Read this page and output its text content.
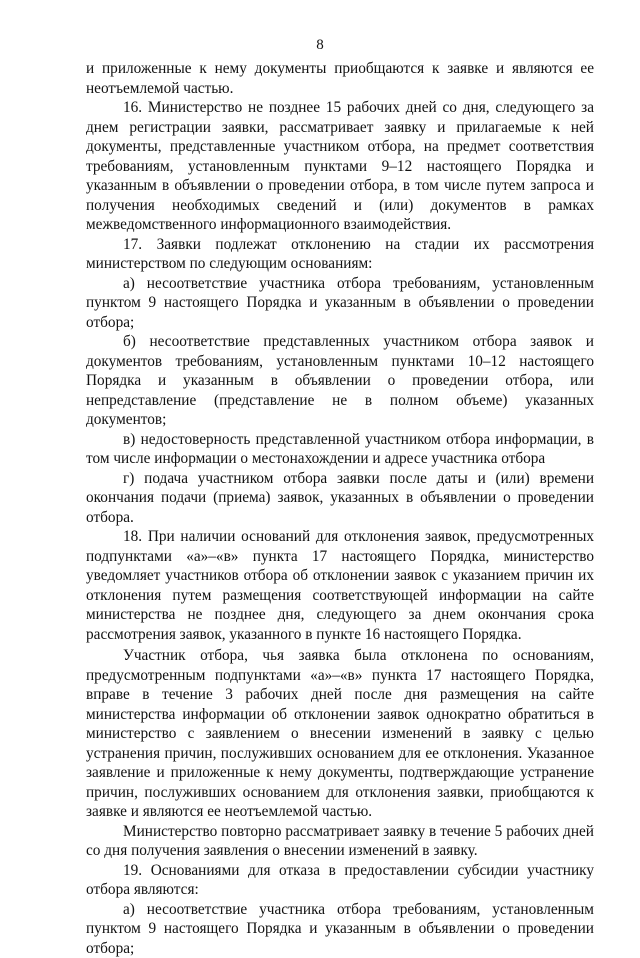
8

и приложенные к нему документы приобщаются к заявке и являются ее неотъемлемой частью.

16. Министерство не позднее 15 рабочих дней со дня, следующего за днем регистрации заявки, рассматривает заявку и прилагаемые к ней документы, представленные участником отбора, на предмет соответствия требованиям, установленным пунктами 9–12 настоящего Порядка и указанным в объявлении о проведении отбора, в том числе путем запроса и получения необходимых сведений и (или) документов в рамках межведомственного информационного взаимодействия.

17. Заявки подлежат отклонению на стадии их рассмотрения министерством по следующим основаниям:

а) несоответствие участника отбора требованиям, установленным пунктом 9 настоящего Порядка и указанным в объявлении о проведении отбора;

б) несоответствие представленных участником отбора заявок и документов требованиям, установленным пунктами 10–12 настоящего Порядка и указанным в объявлении о проведении отбора, или непредставление (представление не в полном объеме) указанных документов;

в) недостоверность представленной участником отбора информации, в том числе информации о местонахождении и адресе участника отбора

г) подача участником отбора заявки после даты и (или) времени окончания подачи (приема) заявок, указанных в объявлении о проведении отбора.

18. При наличии оснований для отклонения заявок, предусмотренных подпунктами «а»–«в» пункта 17 настоящего Порядка, министерство уведомляет участников отбора об отклонении заявок с указанием причин их отклонения путем размещения соответствующей информации на сайте министерства не позднее дня, следующего за днем окончания срока рассмотрения заявок, указанного в пункте 16 настоящего Порядка.

Участник отбора, чья заявка была отклонена по основаниям, предусмотренным подпунктами «а»–«в» пункта 17 настоящего Порядка, вправе в течение 3 рабочих дней после дня размещения на сайте министерства информации об отклонении заявок однократно обратиться в министерство с заявлением о внесении изменений в заявку с целью устранения причин, послуживших основанием для ее отклонения. Указанное заявление и приложенные к нему документы, подтверждающие устранение причин, послуживших основанием для отклонения заявки, приобщаются к заявке и являются ее неотъемлемой частью.

Министерство повторно рассматривает заявку в течение 5 рабочих дней со дня получения заявления о внесении изменений в заявку.

19. Основаниями для отказа в предоставлении субсидии участнику отбора являются:

а) несоответствие участника отбора требованиям, установленным пунктом 9 настоящего Порядка и указанным в объявлении о проведении отбора;
